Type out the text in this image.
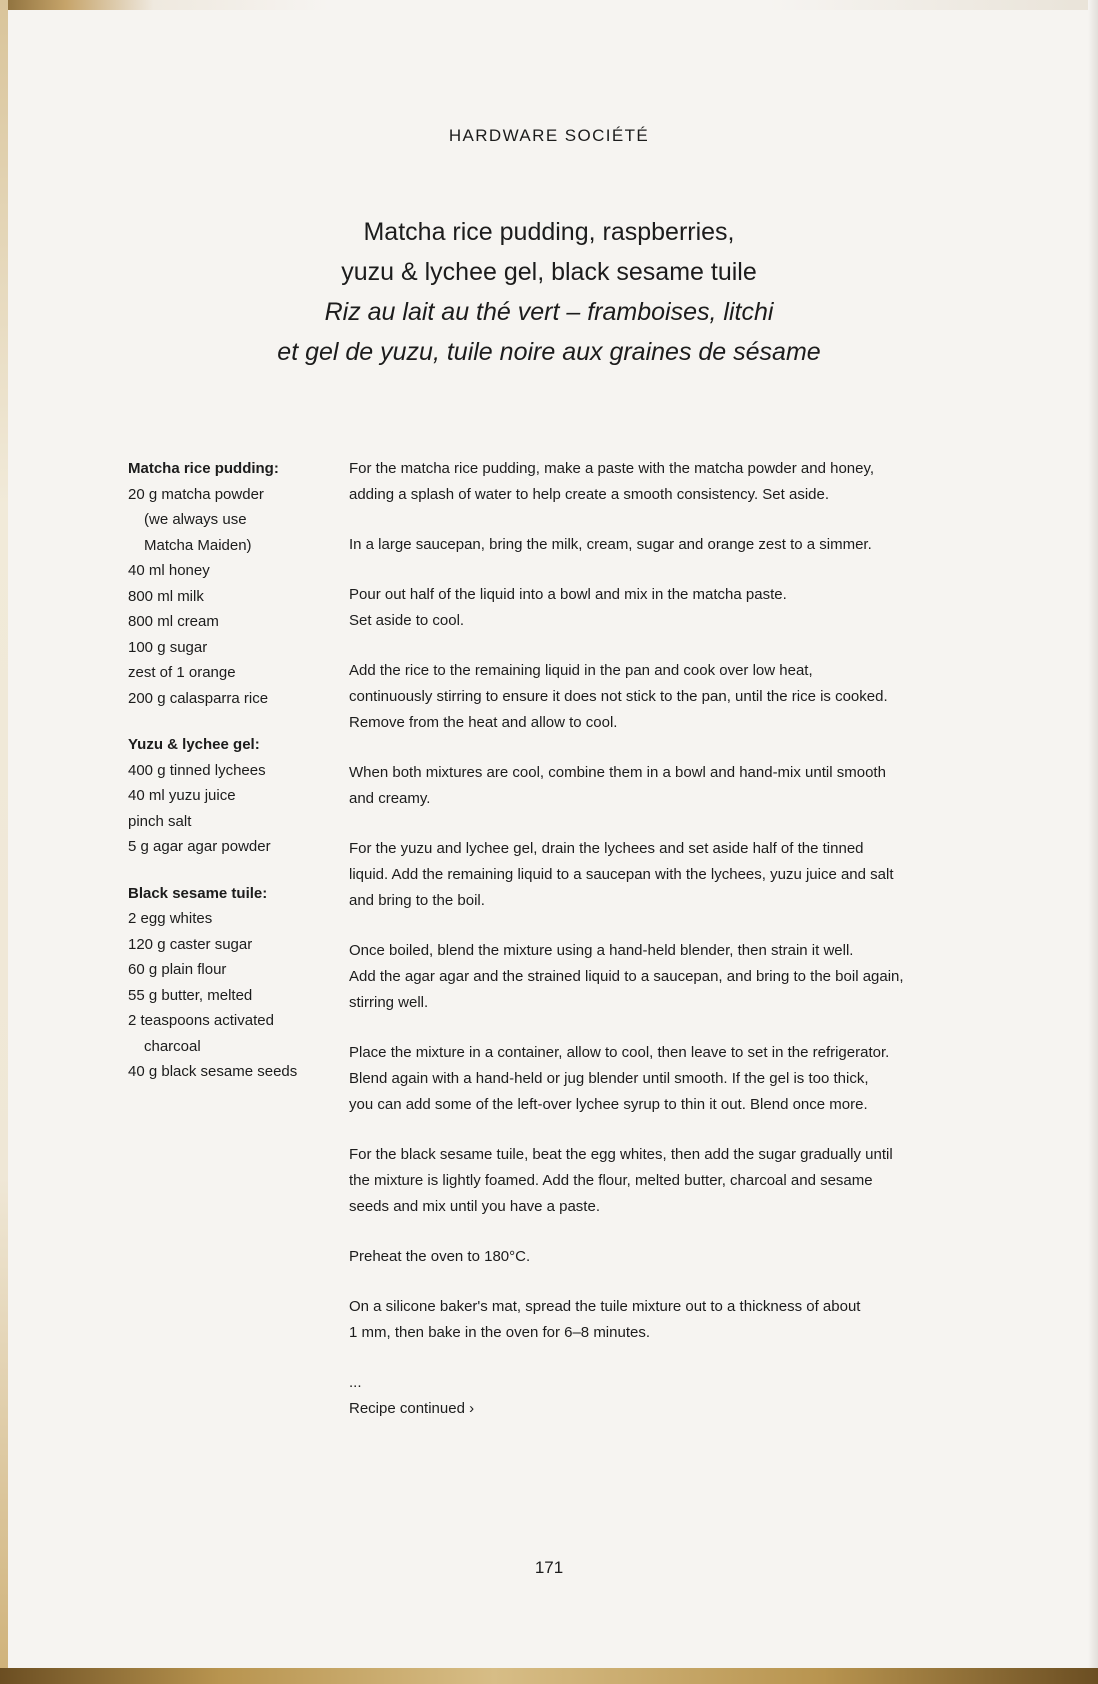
HARDWARE SOCIÉTÉ
Matcha rice pudding, raspberries,
yuzu & lychee gel, black sesame tuile
Riz au lait au thé vert – framboises, litchi
et gel de yuzu, tuile noire aux graines de sésame
Matcha rice pudding:
20 g matcha powder
(we always use
Matcha Maiden)
40 ml honey
800 ml milk
800 ml cream
100 g sugar
zest of 1 orange
200 g calasparra rice
Yuzu & lychee gel:
400 g tinned lychees
40 ml yuzu juice
pinch salt
5 g agar agar powder
Black sesame tuile:
2 egg whites
120 g caster sugar
60 g plain flour
55 g butter, melted
2 teaspoons activated
charcoal
40 g black sesame seeds

For the matcha rice pudding, make a paste with the matcha powder and honey,
adding a splash of water to help create a smooth consistency. Set aside.

In a large saucepan, bring the milk, cream, sugar and orange zest to a simmer.

Pour out half of the liquid into a bowl and mix in the matcha paste.
Set aside to cool.

Add the rice to the remaining liquid in the pan and cook over low heat,
continuously stirring to ensure it does not stick to the pan, until the rice is cooked.
Remove from the heat and allow to cool.

When both mixtures are cool, combine them in a bowl and hand-mix until smooth
and creamy.

For the yuzu and lychee gel, drain the lychees and set aside half of the tinned
liquid. Add the remaining liquid to a saucepan with the lychees, yuzu juice and salt
and bring to the boil.

Once boiled, blend the mixture using a hand-held blender, then strain it well.
Add the agar agar and the strained liquid to a saucepan, and bring to the boil again,
stirring well.

Place the mixture in a container, allow to cool, then leave to set in the refrigerator.
Blend again with a hand-held or jug blender until smooth. If the gel is too thick,
you can add some of the left-over lychee syrup to thin it out. Blend once more.

For the black sesame tuile, beat the egg whites, then add the sugar gradually until
the mixture is lightly foamed. Add the flour, melted butter, charcoal and sesame
seeds and mix until you have a paste.

Preheat the oven to 180°C.

On a silicone baker's mat, spread the tuile mixture out to a thickness of about
1 mm, then bake in the oven for 6–8 minutes.

...

Recipe continued ›

171
